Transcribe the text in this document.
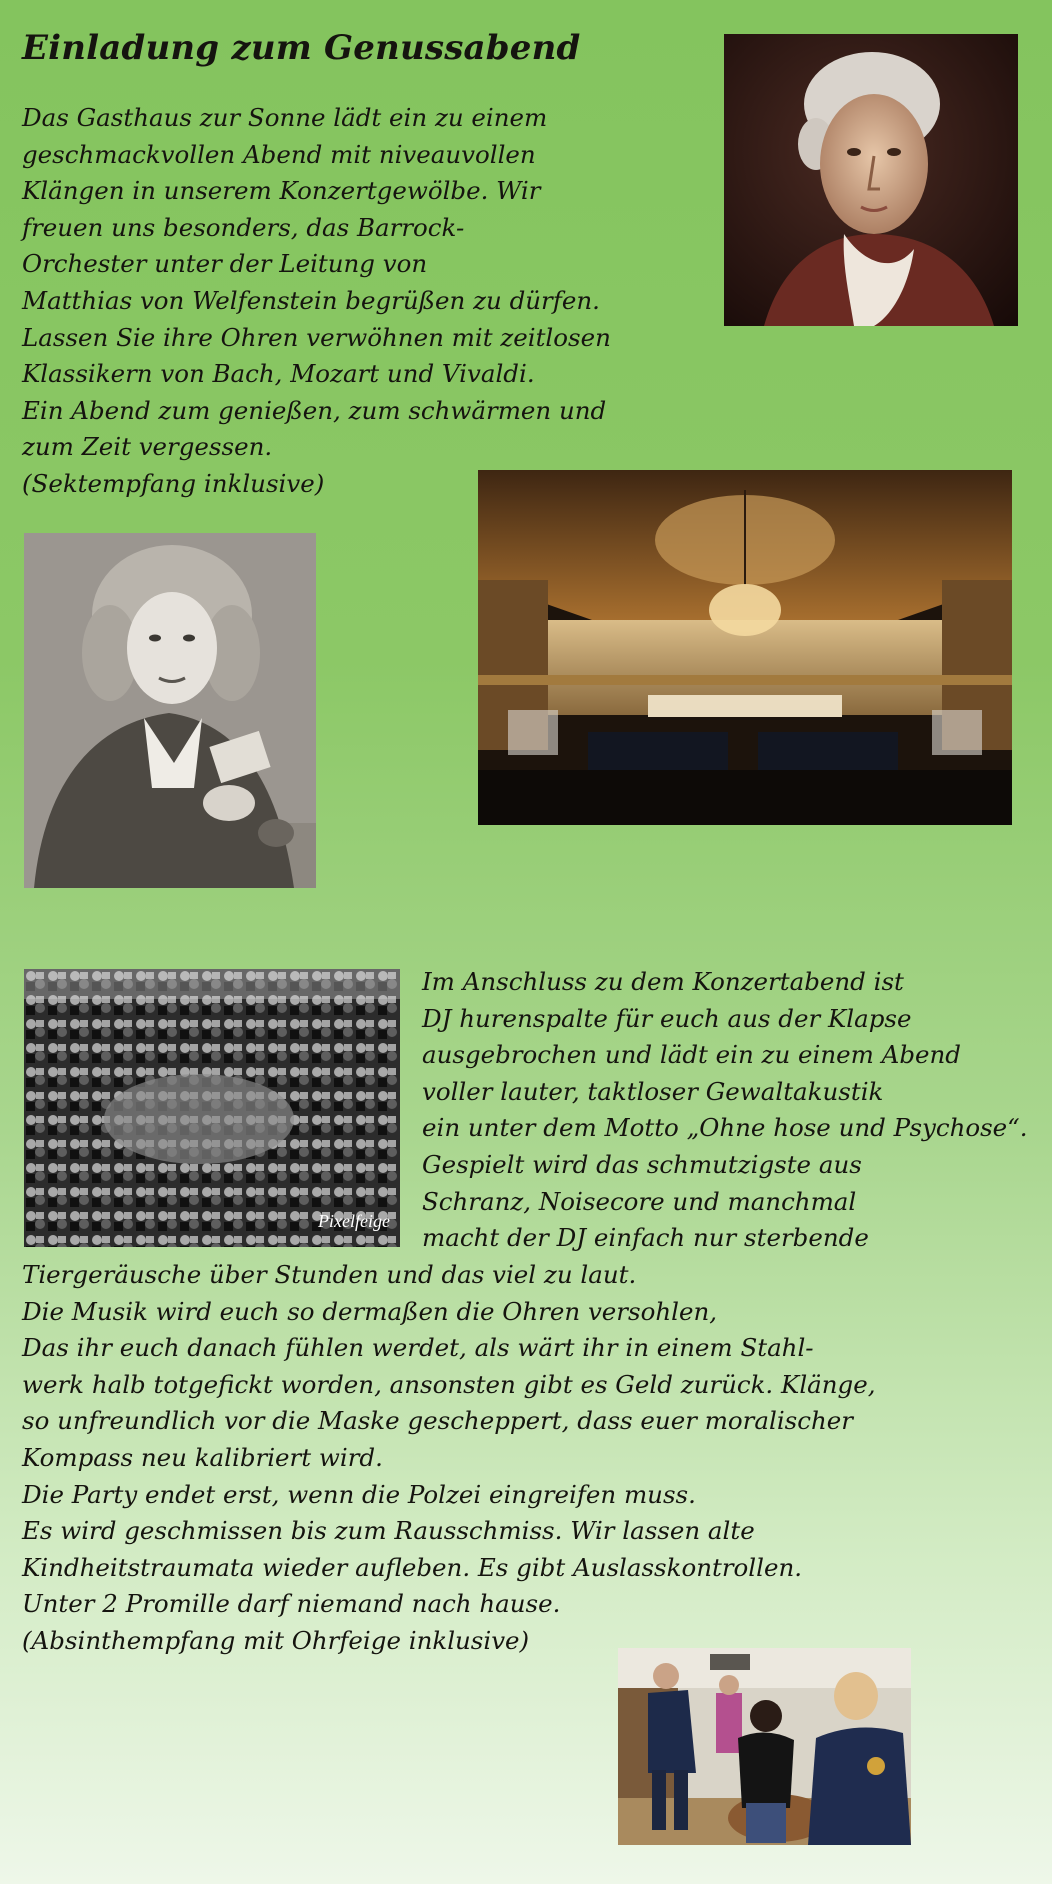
Einladung zum Genussabend
Das Gasthaus zur Sonne lädt ein zu einem
geschmackvollen Abend mit niveauvollen
Klängen in unserem Konzertgewölbe. Wir
freuen uns besonders, das Barrock-
Orchester unter der Leitung von
Matthias von Welfenstein begrüßen zu dürfen.
Lassen Sie ihre Ohren verwöhnen mit zeitlosen
Klassikern von Bach, Mozart und Vivaldi.
Ein Abend zum genießen, zum schwärmen und
zum Zeit vergessen.
(Sektempfang inklusive)
Pixelfeige
Im Anschluss zu dem Konzertabend ist
DJ hurenspalte für euch aus der Klapse
ausgebrochen und lädt ein zu einem Abend
voller lauter, taktloser Gewaltakustik
ein unter dem Motto „Ohne hose und Psychose“.
Gespielt wird das schmutzigste aus
Schranz, Noisecore und manchmal
macht der DJ einfach nur sterbende
Tiergeräusche über Stunden und das viel zu laut.
Die Musik wird euch so dermaßen die Ohren versohlen,
Das ihr euch danach fühlen werdet, als wärt ihr in einem Stahl-
werk halb totgefickt worden, ansonsten gibt es Geld zurück. Klänge,
so unfreundlich vor die Maske gescheppert, dass euer moralischer
Kompass neu kalibriert wird.
Die Party endet erst, wenn die Polzei eingreifen muss.
Es wird geschmissen bis zum Rausschmiss. Wir lassen alte
Kindheitstraumata wieder aufleben. Es gibt Auslasskontrollen.
Unter 2 Promille darf niemand nach hause.
(Absinthempfang mit Ohrfeige inklusive)
